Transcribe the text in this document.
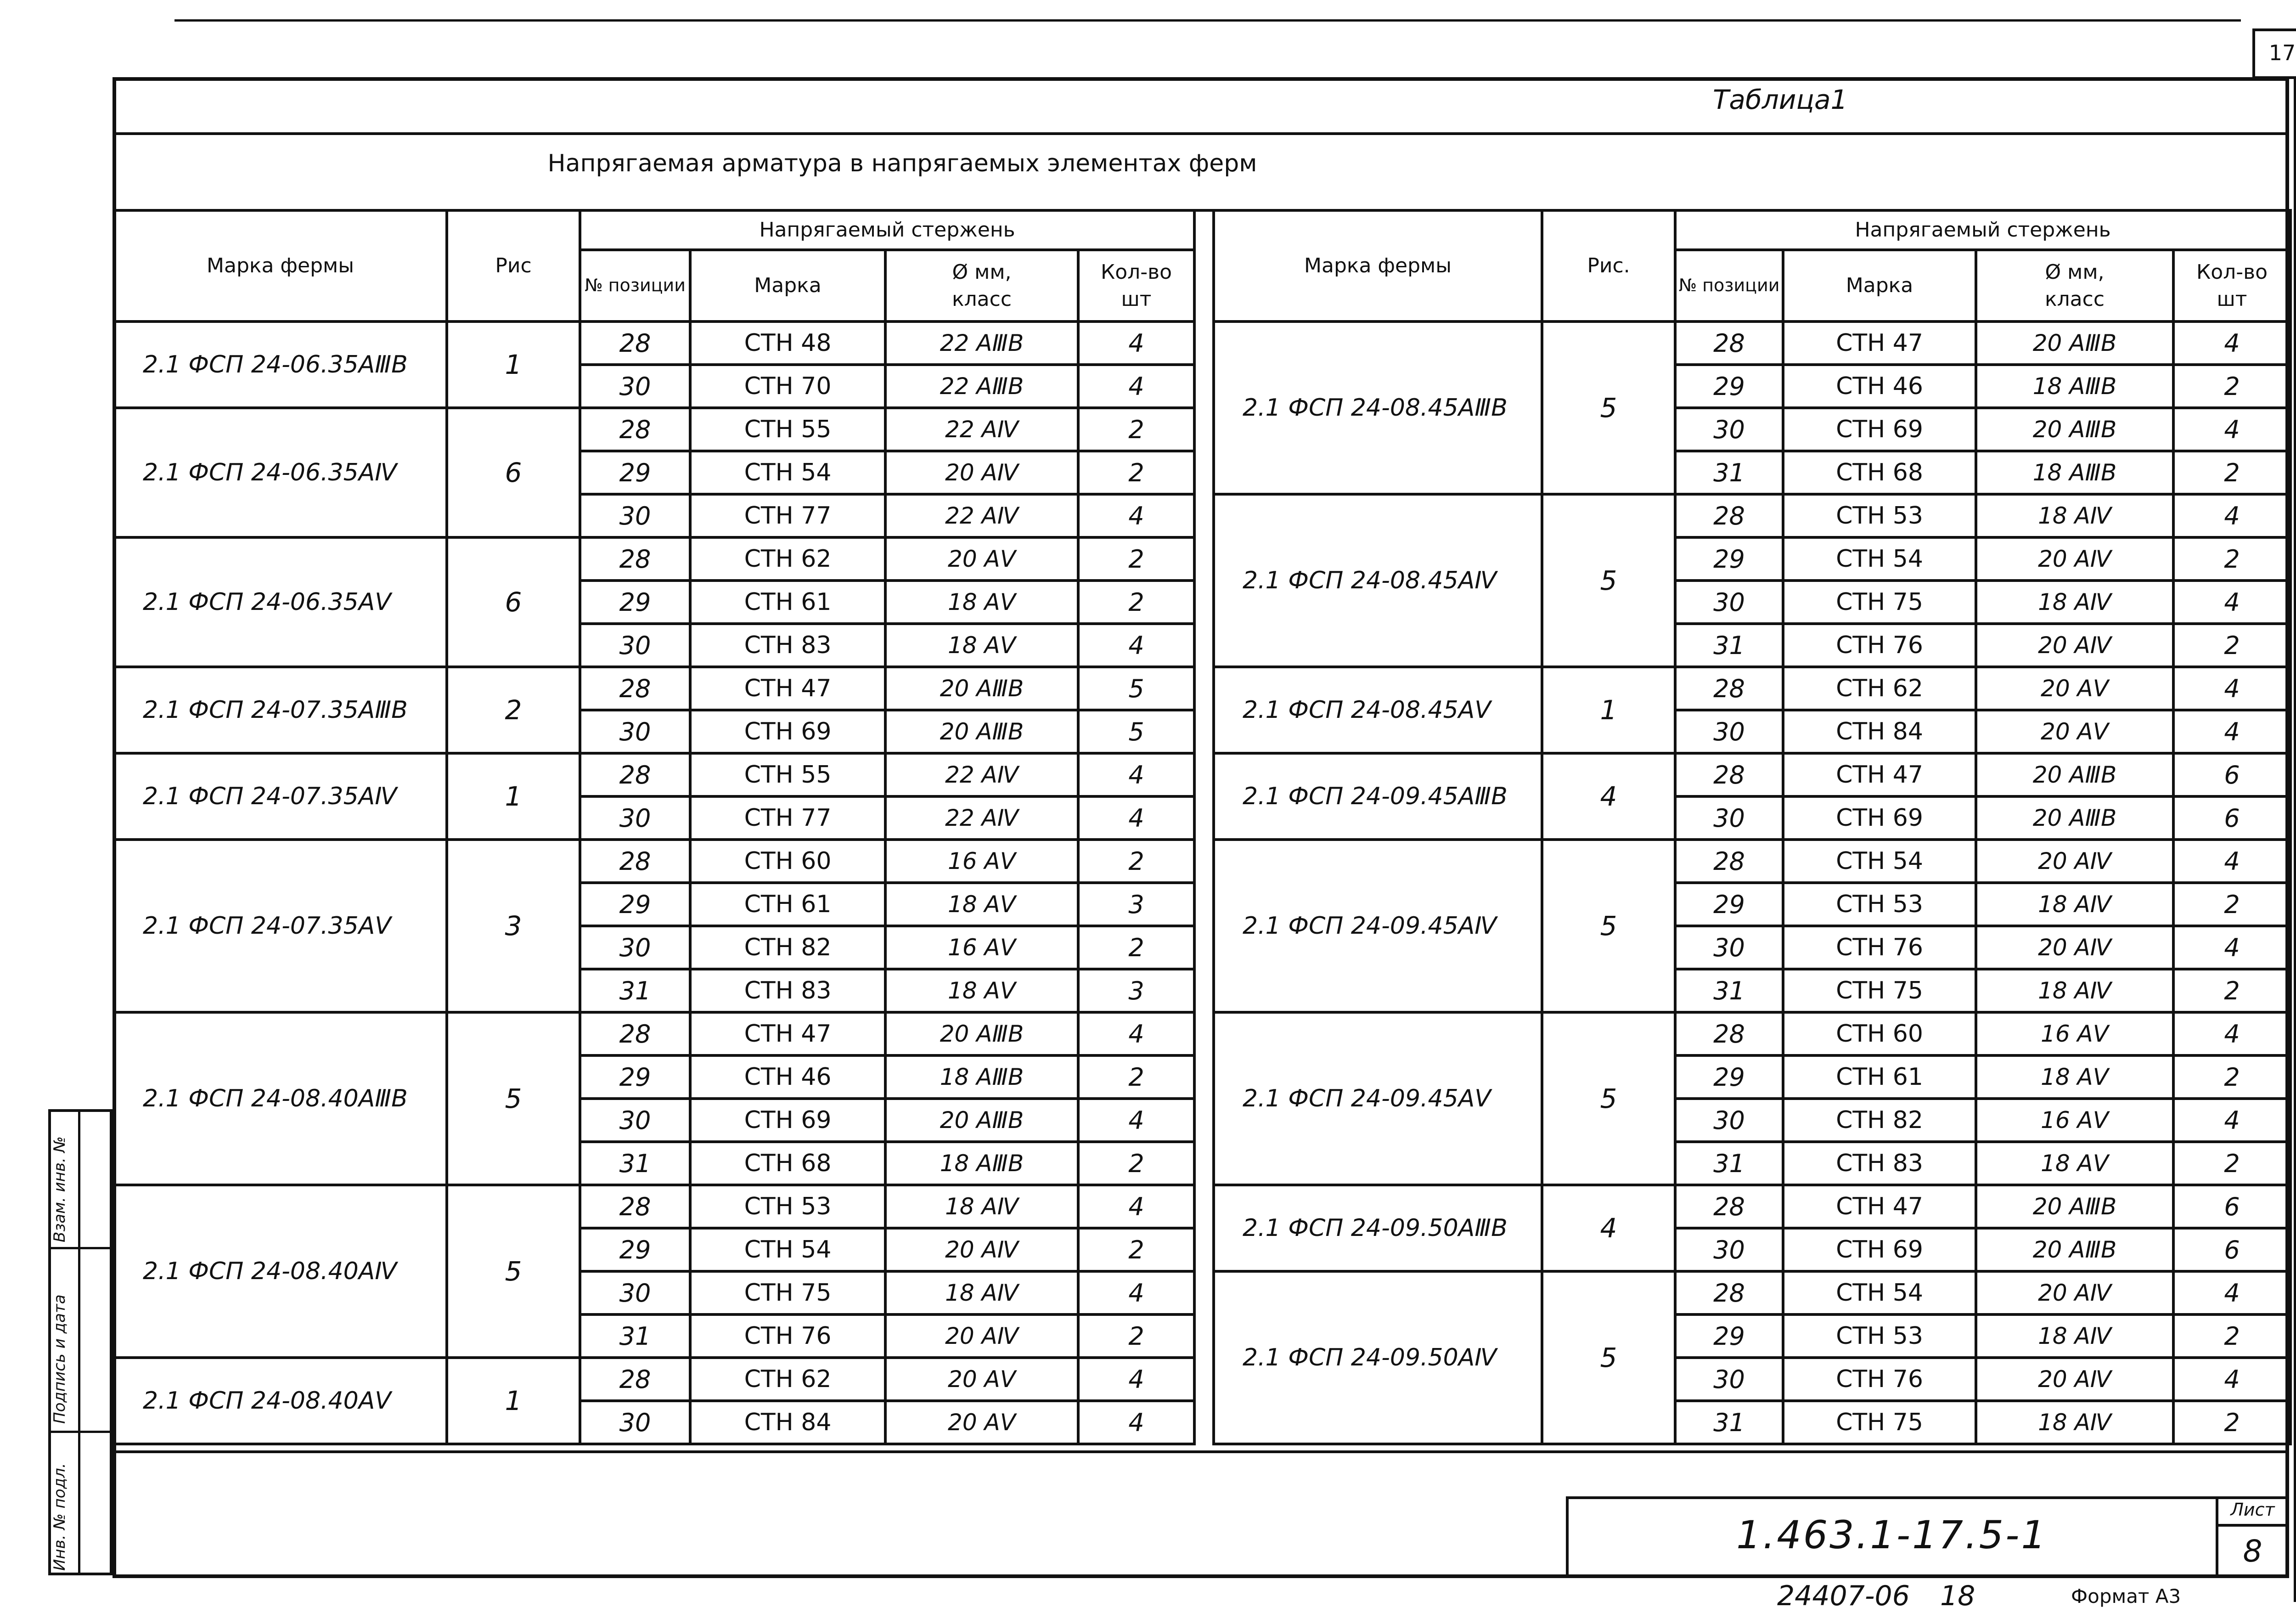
17
Таблица1
Напрягаемая арматура в напрягаемых элементах ферм
Марка фермы	Рис	Напрягаемый стержень			
		№ позиции	Марка	Ø мм, класс	Кол-во шт
2.1 ФСП 24-06.35АⅢВ	1	28	СТН 48	22 АⅢВ	4
		30	СТН 70	22 АⅢВ	4
2.1 ФСП 24-06.35АⅣ	6	28	СТН 55	22 АⅣ	2
		29	СТН 54	20 АⅣ	2
		30	СТН 77	22 АⅣ	4
2.1 ФСП 24-06.35АⅤ	6	28	СТН 62	20 АⅤ	2
		29	СТН 61	18 АⅤ	2
		30	СТН 83	18 АⅤ	4
2.1 ФСП 24-07.35АⅢВ	2	28	СТН 47	20 АⅢВ	5
		30	СТН 69	20 АⅢВ	5
2.1 ФСП 24-07.35АⅣ	1	28	СТН 55	22 АⅣ	4
		30	СТН 77	22 АⅣ	4
2.1 ФСП 24-07.35АⅤ	3	28	СТН 60	16 АⅤ	2
		29	СТН 61	18 АⅤ	3
		30	СТН 82	16 АⅤ	2
		31	СТН 83	18 АⅤ	3
2.1 ФСП 24-08.40АⅢВ	5	28	СТН 47	20 АⅢВ	4
		29	СТН 46	18 АⅢВ	2
		30	СТН 69	20 АⅢВ	4
		31	СТН 68	18 АⅢВ	2
2.1 ФСП 24-08.40АⅣ	5	28	СТН 53	18 АⅣ	4
		29	СТН 54	20 АⅣ	2
		30	СТН 75	18 АⅣ	4
		31	СТН 76	20 АⅣ	2
2.1 ФСП 24-08.40АⅤ	1	28	СТН 62	20 АⅤ	4
		30	СТН 84	20 АⅤ	4
Марка фермы	Рис.	Напрягаемый стержень			
		№ позиции	Марка	Ø мм, класс	Кол-во шт
2.1 ФСП 24-08.45АⅢВ	5	28	СТН 47	20 АⅢВ	4
		29	СТН 46	18 АⅢВ	2
		30	СТН 69	20 АⅢВ	4
		31	СТН 68	18 АⅢВ	2
2.1 ФСП 24-08.45АⅣ	5	28	СТН 53	18 АⅣ	4
		29	СТН 54	20 АⅣ	2
		30	СТН 75	18 АⅣ	4
		31	СТН 76	20 АⅣ	2
2.1 ФСП 24-08.45АⅤ	1	28	СТН 62	20 АⅤ	4
		30	СТН 84	20 АⅤ	4
2.1 ФСП 24-09.45АⅢВ	4	28	СТН 47	20 АⅢВ	6
		30	СТН 69	20 АⅢВ	6
2.1 ФСП 24-09.45АⅣ	5	28	СТН 54	20 АⅣ	4
		29	СТН 53	18 АⅣ	2
		30	СТН 76	20 АⅣ	4
		31	СТН 75	18 АⅣ	2
2.1 ФСП 24-09.45АⅤ	5	28	СТН 60	16 АⅤ	4
		29	СТН 61	18 АⅤ	2
		30	СТН 82	16 АⅤ	4
		31	СТН 83	18 АⅤ	2
2.1 ФСП 24-09.50АⅢВ	4	28	СТН 47	20 АⅢВ	6
		30	СТН 69	20 АⅢВ	6
2.1 ФСП 24-09.50АⅣ	5	28	СТН 54	20 АⅣ	4
		29	СТН 53	18 АⅣ	2
		30	СТН 76	20 АⅣ	4
		31	СТН 75	18 АⅣ	2
1.463.1-17.5-1
Лист
8
24407-06 18	Формат А3
Инв. № подл.
Подпись и дата
Взам. инв. №
